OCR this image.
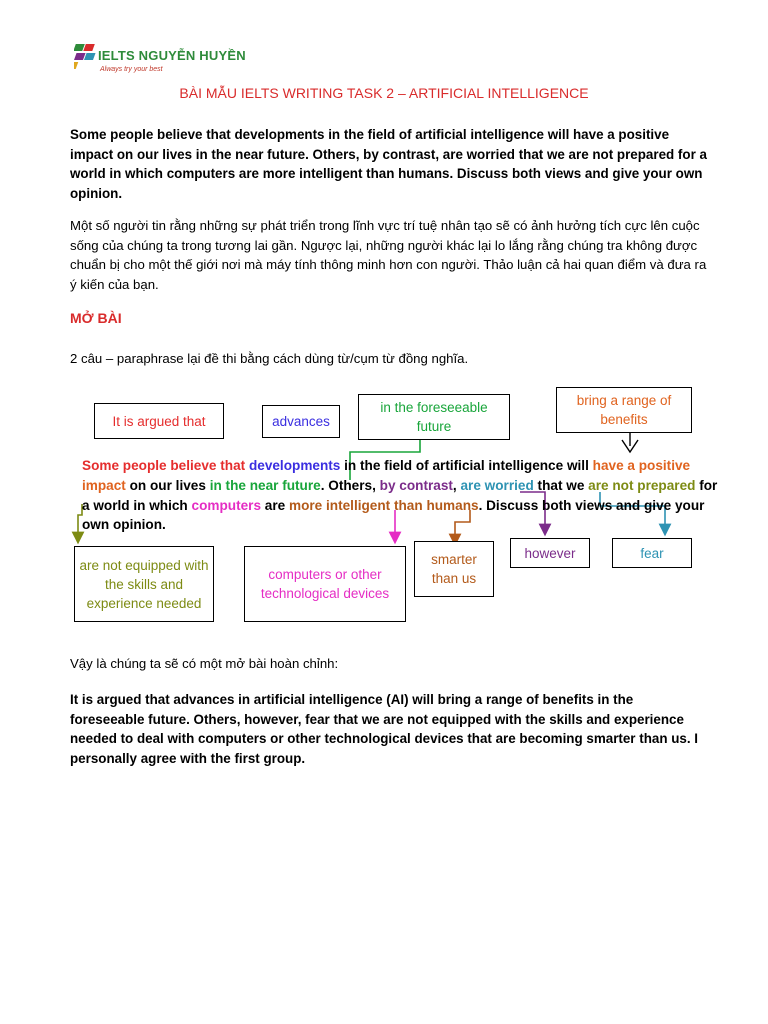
IELTS NGUYỄN HUYỀN
Always try your best
BÀI MẪU IELTS WRITING TASK 2 – ARTIFICIAL INTELLIGENCE

Some people believe that developments in the field of artificial intelligence will have a positive impact on our lives in the near future. Others, by contrast, are worried that we are not prepared for a world in which computers are more intelligent than humans. Discuss both views and give your own opinion.

Một số người tin rằng những sự phát triển trong lĩnh vực trí tuệ nhân tạo sẽ có ảnh hưởng tích cực lên cuộc sống của chúng ta trong tương lai gần. Ngược lại, những người khác lại lo lắng rằng chúng tra không được chuẩn bị cho một thế giới nơi mà máy tính thông minh hơn con người. Thảo luận cả hai quan điểm và đưa ra ý kiến của bạn.

MỞ BÀI

2 câu – paraphrase lại đề thi bằng cách dùng từ/cụm từ đồng nghĩa.

It is argued that	advances
in the foreseeable future
bring a range of benefits

Some people believe that developments in the field of artificial intelligence will have a positive impact on our lives in the near future. Others, by contrast, are worried that we are not prepared for a world in which computers are more intelligent than humans. Discuss both views and give your own opinion.

are not equipped with the skills and experience needed
computers or other technological devices
smarter than us
however	fear

Vậy là chúng ta sẽ có một mở bài hoàn chỉnh:

It is argued that advances in artificial intelligence (AI) will bring a range of benefits in the foreseeable future. Others, however, fear that we are not equipped with the skills and experience needed to deal with computers or other technological devices that are becoming smarter than us. I personally agree with the first group.
